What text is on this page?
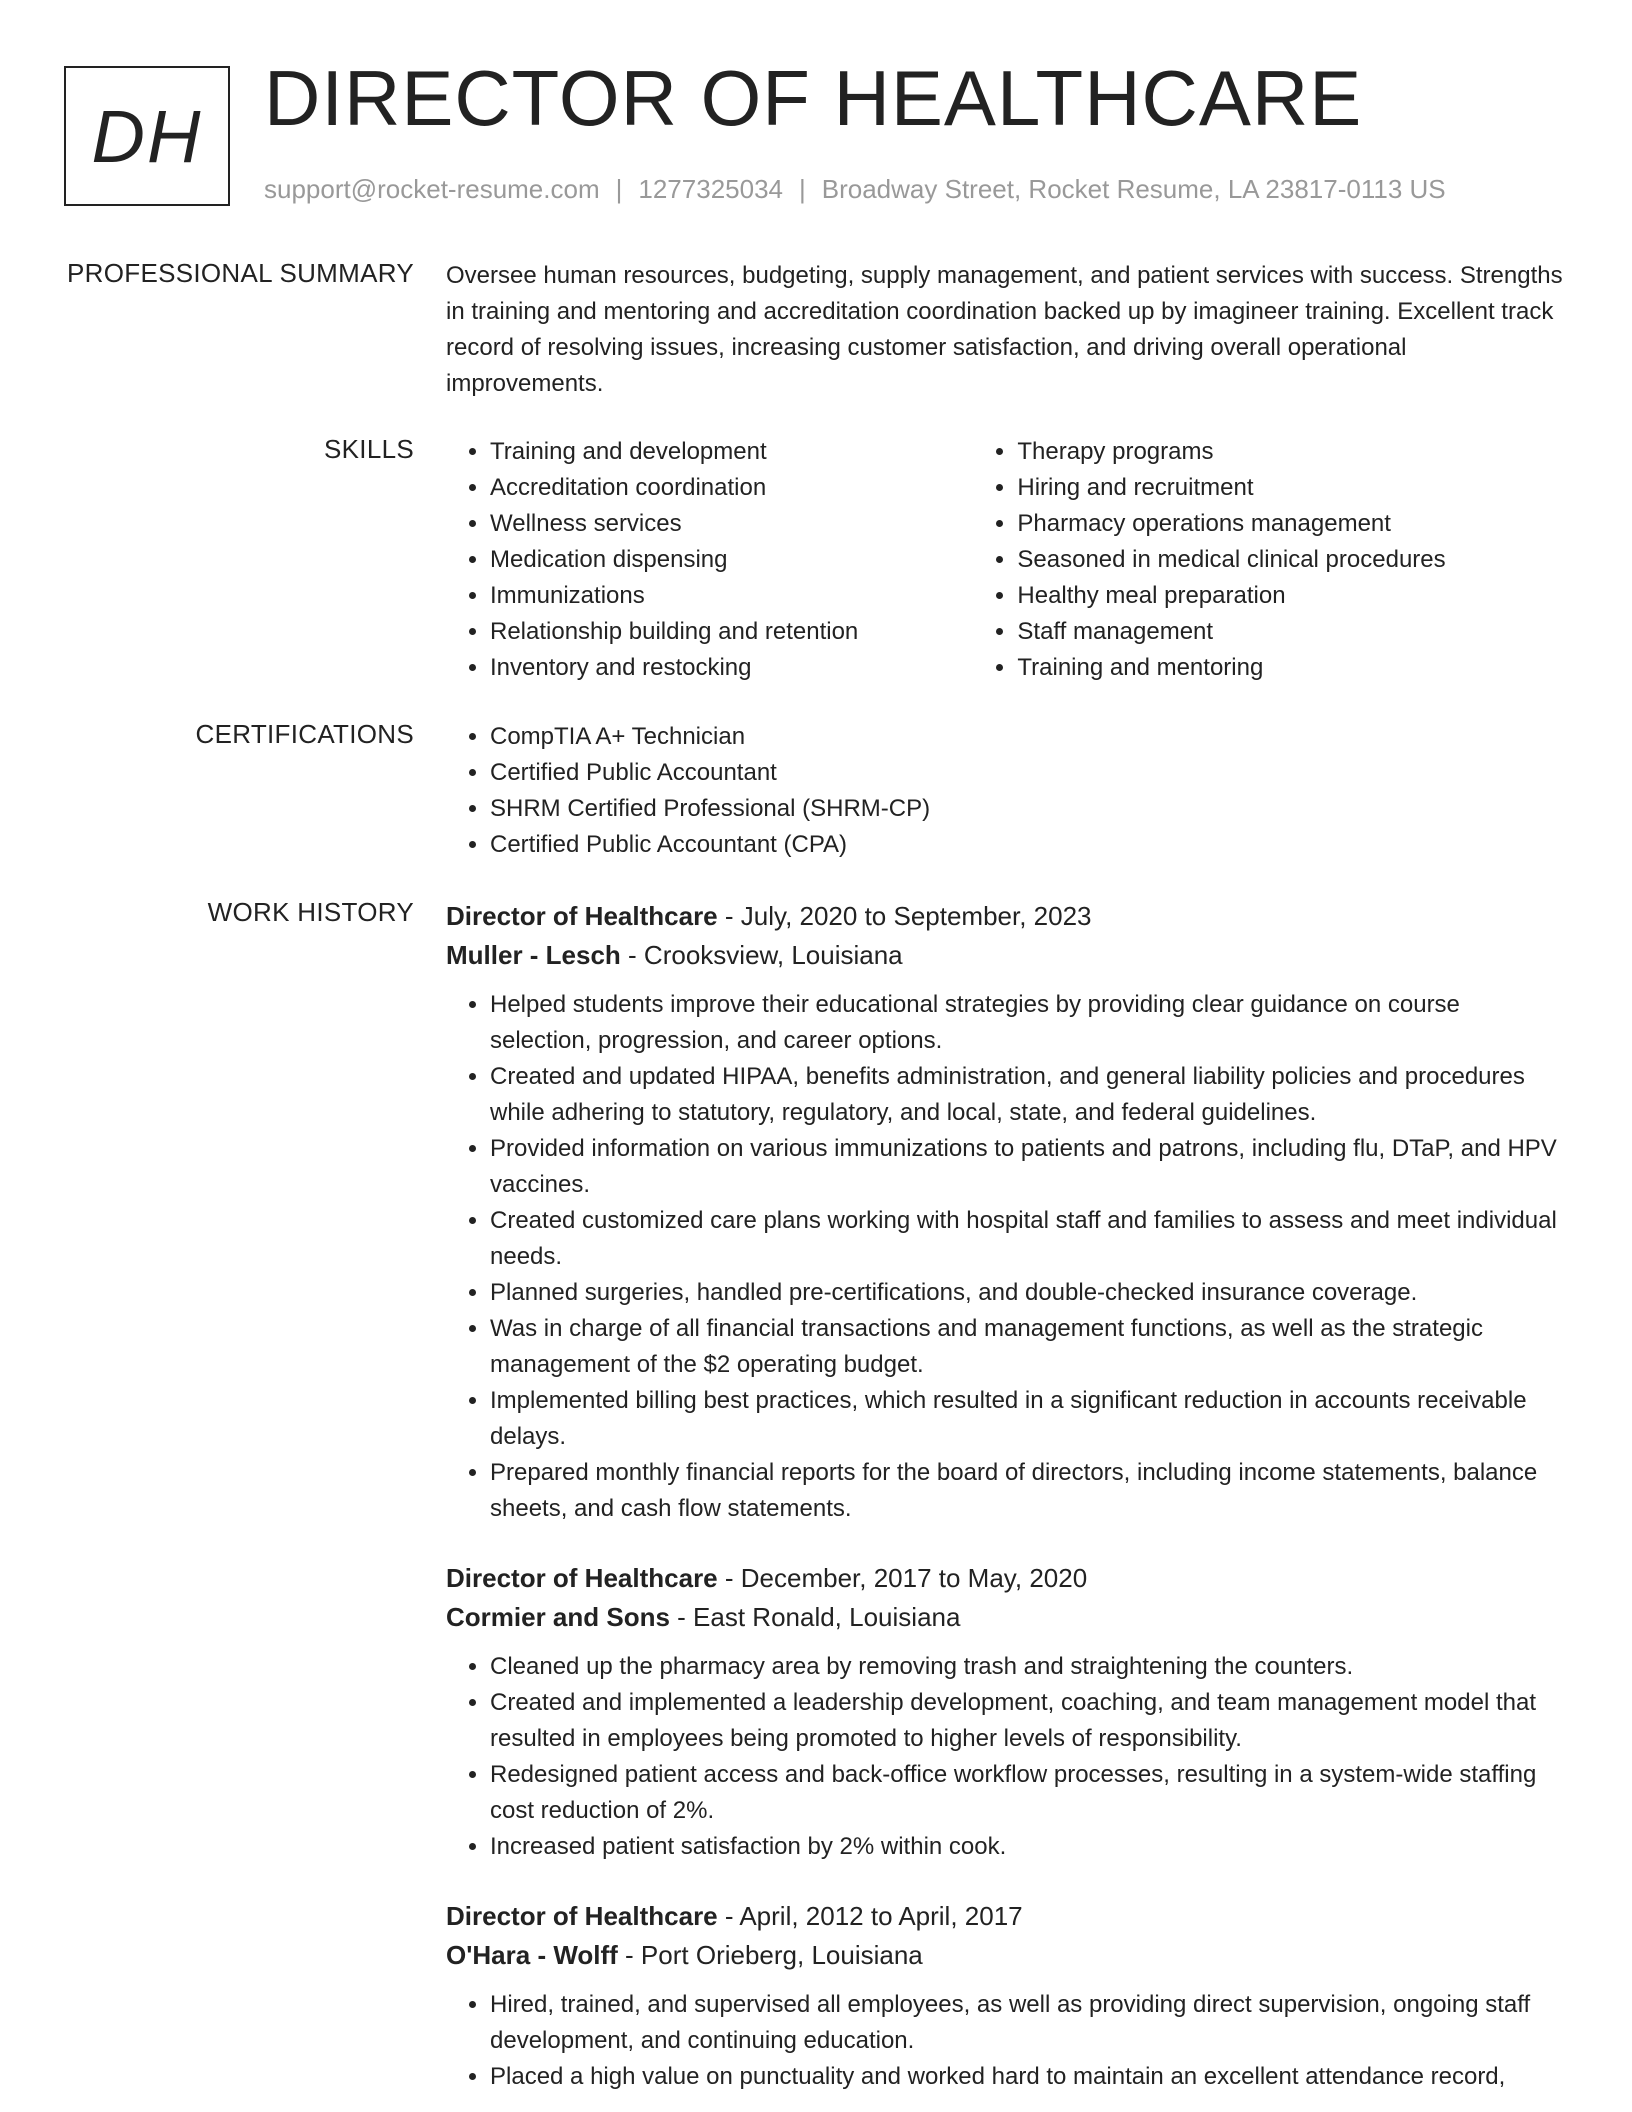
DH DIRECTOR OF HEALTHCARE
support@rocket-resume.com | 1277325034 | Broadway Street, Rocket Resume, LA 23817-0113 US
PROFESSIONAL SUMMARY Oversee human resources, budgeting, supply management, and patient services with success. Strengths in training and mentoring and accreditation coordination backed up by imagineer training. Excellent track record of resolving issues, increasing customer satisfaction, and driving overall operational improvements.

SKILLS	• Training and development
• Accreditation coordination
• Wellness services
• Medication dispensing
• Immunizations
• Relationship building and retention
• Inventory and restocking
• Therapy programs
• Hiring and recruitment
• Pharmacy operations management
• Seasoned in medical clinical procedures
• Healthy meal preparation
• Staff management
• Training and mentoring
CERTIFICATIONS	• CompTIA A+ Technician
• Certified Public Accountant
• SHRM Certified Professional (SHRM-CP)
• Certified Public Accountant (CPA)
WORK HISTORY Director of Healthcare - July, 2020 to September, 2023
Muller - Lesch - Crooksview, Louisiana
• Helped students improve their educational strategies by providing clear guidance on course selection, progression, and career options.
• Created and updated HIPAA, benefits administration, and general liability policies and procedures while adhering to statutory, regulatory, and local, state, and federal guidelines.
• Provided information on various immunizations to patients and patrons, including flu, DTaP, and HPV vaccines.
• Created customized care plans working with hospital staff and families to assess and meet individual needs.
• Planned surgeries, handled pre-certifications, and double-checked insurance coverage.
• Was in charge of all financial transactions and management functions, as well as the strategic management of the $2 operating budget.
• Implemented billing best practices, which resulted in a significant reduction in accounts receivable delays.
• Prepared monthly financial reports for the board of directors, including income statements, balance sheets, and cash flow statements.
Director of Healthcare - December, 2017 to May, 2020
Cormier and Sons - East Ronald, Louisiana
• Cleaned up the pharmacy area by removing trash and straightening the counters.
• Created and implemented a leadership development, coaching, and team management model that resulted in employees being promoted to higher levels of responsibility.
• Redesigned patient access and back-office workflow processes, resulting in a system-wide staffing cost reduction of 2%.
• Increased patient satisfaction by 2% within cook.
Director of Healthcare - April, 2012 to April, 2017
O'Hara - Wolff - Port Orieberg, Louisiana
• Hired, trained, and supervised all employees, as well as providing direct supervision, ongoing staff development, and continuing education.
• Placed a high value on punctuality and worked hard to maintain an excellent attendance record,
